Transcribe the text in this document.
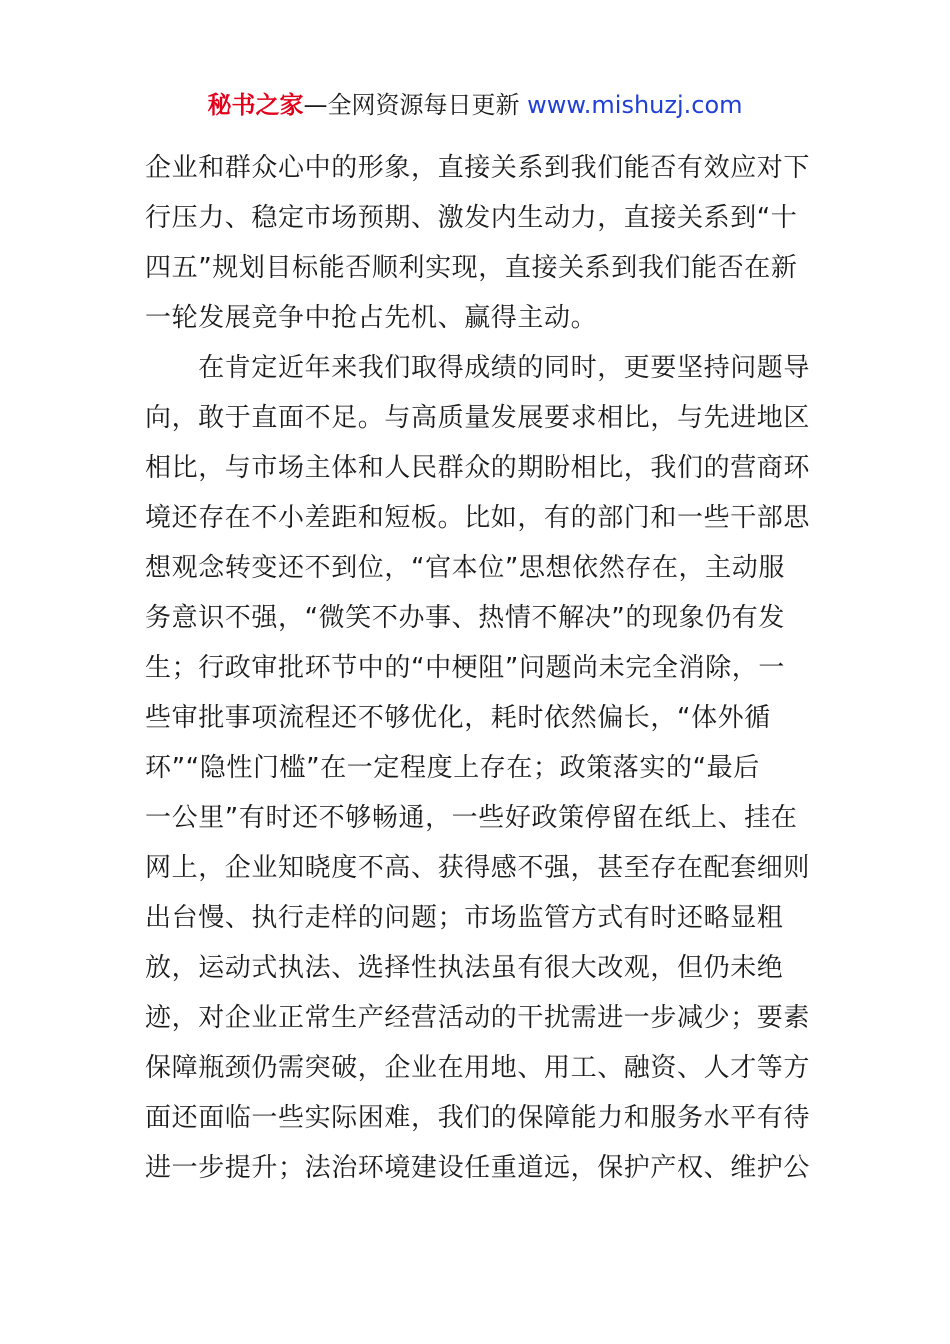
秘书之家—全网资源每日更新 www.mishuzj.com
企业和群众心中的形象，直接关系到我们能否有效应对下
行压力、稳定市场预期、激发内生动力，直接关系到“十
四五”规划目标能否顺利实现，直接关系到我们能否在新
一轮发展竞争中抢占先机、赢得主动。
　　在肯定近年来我们取得成绩的同时，更要坚持问题导
向，敢于直面不足。与高质量发展要求相比，与先进地区
相比，与市场主体和人民群众的期盼相比，我们的营商环
境还存在不小差距和短板。比如，有的部门和一些干部思
想观念转变还不到位，“官本位”思想依然存在，主动服
务意识不强，“微笑不办事、热情不解决”的现象仍有发
生；行政审批环节中的“中梗阻”问题尚未完全消除，一
些审批事项流程还不够优化，耗时依然偏长，“体外循
环”“隐性门槛”在一定程度上存在；政策落实的“最后
一公里”有时还不够畅通，一些好政策停留在纸上、挂在
网上，企业知晓度不高、获得感不强，甚至存在配套细则
出台慢、执行走样的问题；市场监管方式有时还略显粗
放，运动式执法、选择性执法虽有很大改观，但仍未绝
迹，对企业正常生产经营活动的干扰需进一步减少；要素
保障瓶颈仍需突破，企业在用地、用工、融资、人才等方
面还面临一些实际困难，我们的保障能力和服务水平有待
进一步提升；法治环境建设任重道远，保护产权、维护公
